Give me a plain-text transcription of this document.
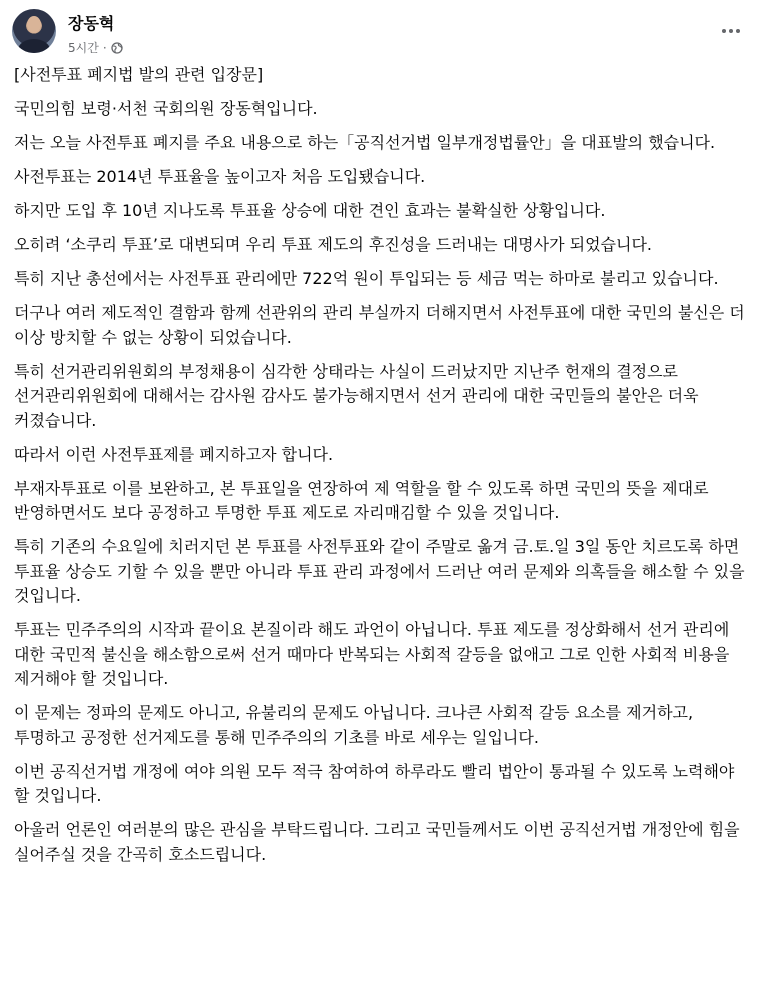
장동혁
5시간 ·

[사전투표 폐지법 발의 관련 입장문]

국민의힘 보령·서천 국회의원 장동혁입니다.

저는 오늘 사전투표 폐지를 주요 내용으로 하는「공직선거법 일부개정법률안」을 대표발의 했습니다.

사전투표는 2014년 투표율을 높이고자 처음 도입됐습니다.

하지만 도입 후 10년 지나도록 투표율 상승에 대한 견인 효과는 불확실한 상황입니다.

오히려 ‘소쿠리 투표’로 대변되며 우리 투표 제도의 후진성을 드러내는 대명사가 되었습니다.

특히 지난 총선에서는 사전투표 관리에만 722억 원이 투입되는 등 세금 먹는 하마로 불리고 있습니다.

더구나 여러 제도적인 결함과 함께 선관위의 관리 부실까지 더해지면서 사전투표에 대한 국민의 불신은 더 이상 방치할 수 없는 상황이 되었습니다.

특히 선거관리위원회의 부정채용이 심각한 상태라는 사실이 드러났지만 지난주 헌재의 결정으로 선거관리위원회에 대해서는 감사원 감사도 불가능해지면서 선거 관리에 대한 국민들의 불안은 더욱 커졌습니다.

따라서 이런 사전투표제를 폐지하고자 합니다.

부재자투표로 이를 보완하고, 본 투표일을 연장하여 제 역할을 할 수 있도록 하면 국민의 뜻을 제대로 반영하면서도 보다 공정하고 투명한 투표 제도로 자리매김할 수 있을 것입니다.

특히 기존의 수요일에 치러지던 본 투표를 사전투표와 같이 주말로 옮겨 금.토.일 3일 동안 치르도록 하면 투표율 상승도 기할 수 있을 뿐만 아니라 투표 관리 과정에서 드러난 여러 문제와 의혹들을 해소할 수 있을 것입니다.

투표는 민주주의의 시작과 끝이요 본질이라 해도 과언이 아닙니다. 투표 제도를 정상화해서 선거 관리에 대한 국민적 불신을 해소함으로써 선거 때마다 반복되는 사회적 갈등을 없애고 그로 인한 사회적 비용을 제거해야 할 것입니다.

이 문제는 정파의 문제도 아니고, 유불리의 문제도 아닙니다. 크나큰 사회적 갈등 요소를 제거하고, 투명하고 공정한 선거제도를 통해 민주주의의 기초를 바로 세우는 일입니다.

이번 공직선거법 개정에 여야 의원 모두 적극 참여하여 하루라도 빨리 법안이 통과될 수 있도록 노력해야 할 것입니다.

아울러 언론인 여러분의 많은 관심을 부탁드립니다. 그리고 국민들께서도 이번 공직선거법 개정안에 힘을 실어주실 것을 간곡히 호소드립니다.
